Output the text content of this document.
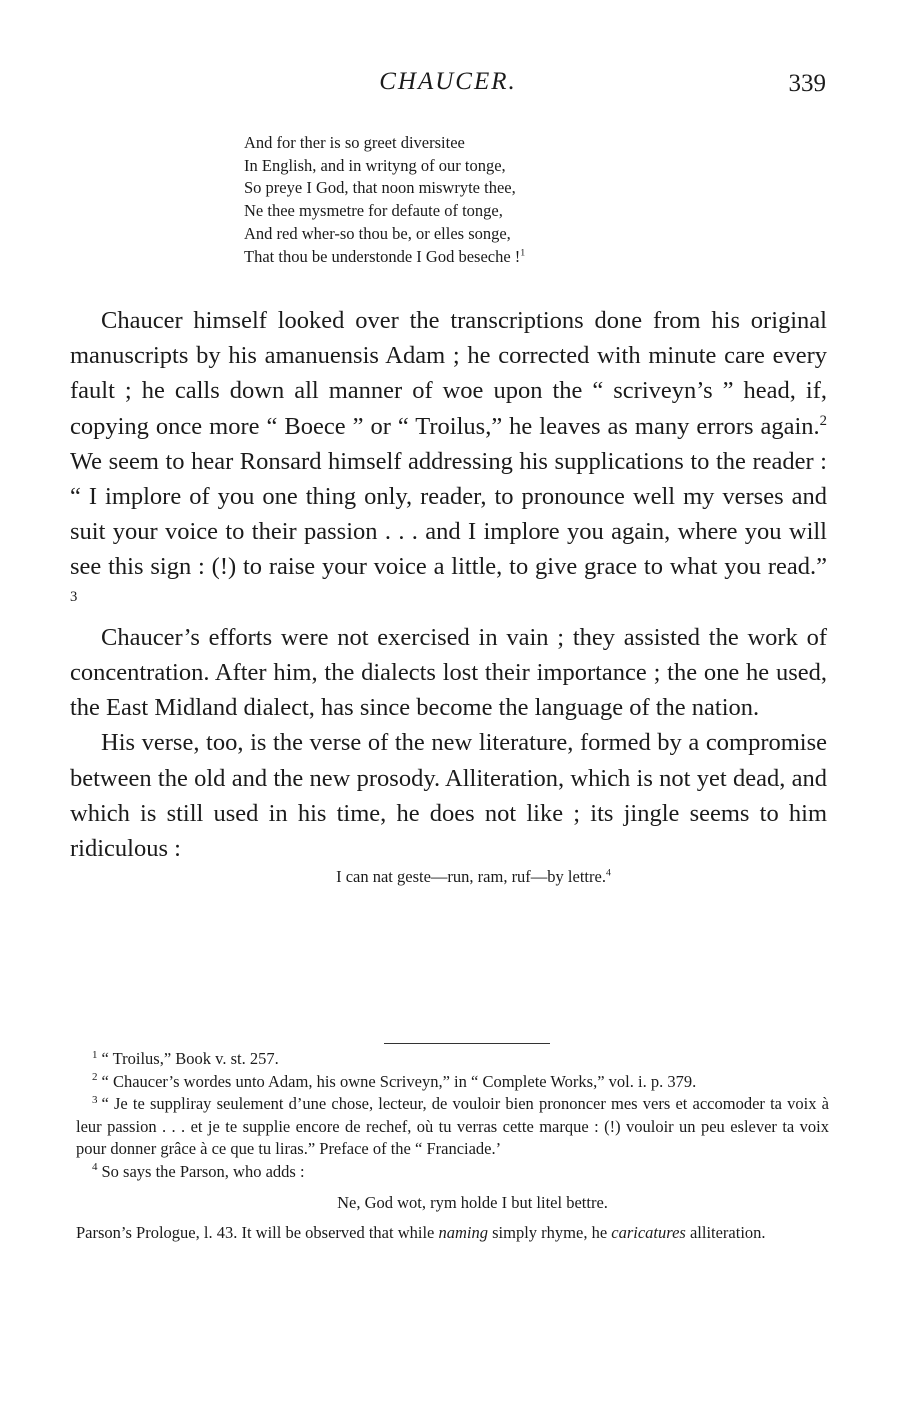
CHAUCER.	339
And for ther is so greet diversitee
In English, and in writyng of our tonge,
So preye I God, that noon miswryte thee,
Ne thee mysmetre for defaute of tonge,
And red wher-so thou be, or elles songe,
That thou be understonde I God beseche !$^1$

Chaucer himself looked over the transcriptions done from his original manuscripts by his amanuensis Adam ; he corrected with minute care every fault ; he calls down all manner of woe upon the “ scriveyn’s ” head, if, copying once more “ Boece ” or “ Troilus,” he leaves as many errors again.$^2$ We seem to hear Ronsard himself addressing his supplications to the reader : “ I implore of you one thing only, reader, to pronounce well my verses and suit your voice to their passion . . . and I implore you again, where you will see this sign : (!) to raise your voice a little, to give grace to what you read.” $^3$

Chaucer’s efforts were not exercised in vain ; they assisted the work of concentration. After him, the dialects lost their importance ; the one he used, the East Midland dialect, has since become the language of the nation.

His verse, too, is the verse of the new literature, formed by a compromise between the old and the new prosody. Alliteration, which is not yet dead, and which is still used in his time, he does not like ; its jingle seems to him ridiculous :

I can nat geste—run, ram, ruf—by lettre.$^4$

$^1$ “ Troilus,” Book v. st. 257.

$^2$ “ Chaucer’s wordes unto Adam, his owne Scriveyn,” in “ Complete Works,” vol. i. p. 379.

$^3$ “ Je te suppliray seulement d’une chose, lecteur, de vouloir bien prononcer mes vers et accomoder ta voix à leur passion . . . et je te supplie encore de rechef, où tu verras cette marque : (!) vouloir un peu eslever ta voix pour donner grâce à ce que tu liras.” Preface of the “ Franciade.’

$^4$ So says the Parson, who adds :

Ne, God wot, rym holde I but litel bettre.

Parson’s Prologue, l. 43. It will be observed that while naming simply rhyme, he caricatures alliteration.
